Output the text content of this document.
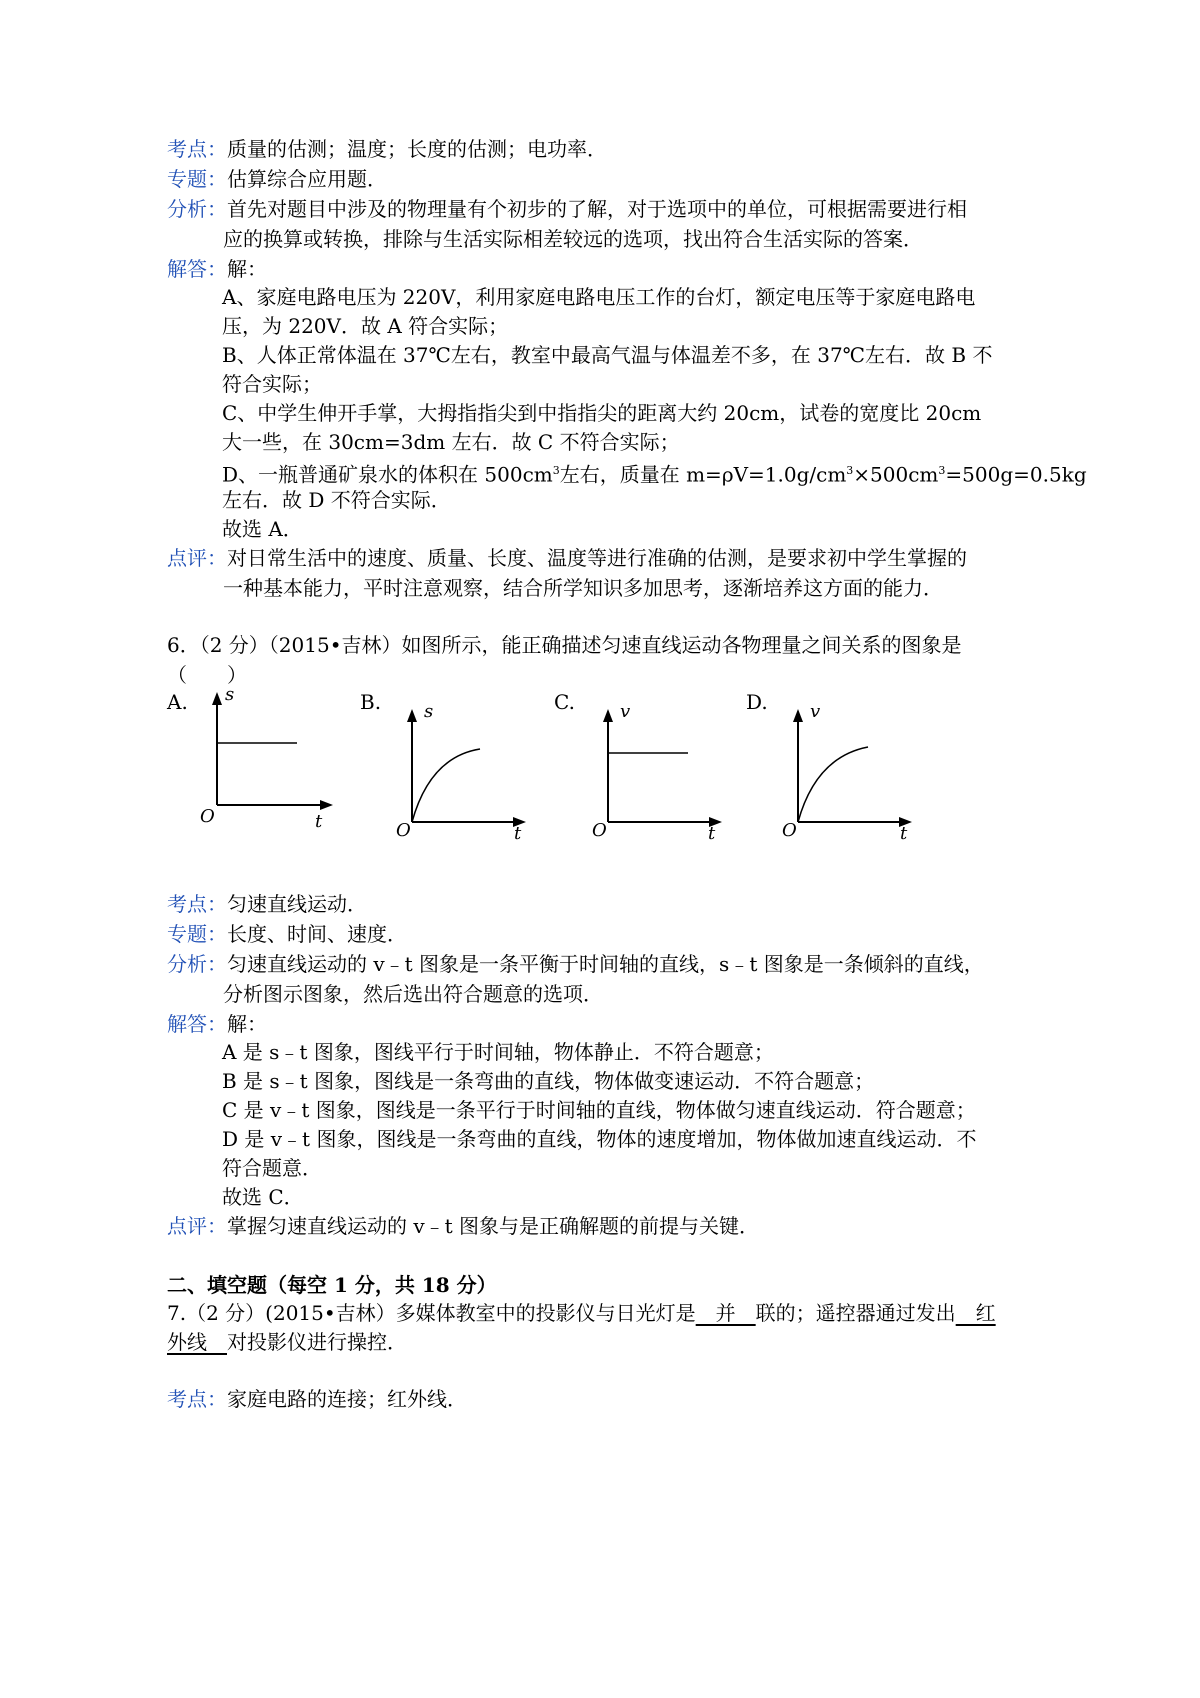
考点：质量的估测；温度；长度的估测；电功率．
专题：估算综合应用题．
分析：首先对题目中涉及的物理量有个初步的了解，对于选项中的单位，可根据需要进行相
应的换算或转换，排除与生活实际相差较远的选项，找出符合生活实际的答案．
解答：解：
A、家庭电路电压为 220V，利用家庭电路电压工作的台灯，额定电压等于家庭电路电
压，为 220V．故 A 符合实际；
B、人体正常体温在 37℃左右，教室中最高气温与体温差不多，在 37℃左右．故 B 不
符合实际；
C、中学生伸开手掌，大拇指指尖到中指指尖的距离大约 20cm，试卷的宽度比 20cm
大一些，在 30cm=3dm 左右．故 C 不符合实际；
D、一瓶普通矿泉水的体积在 $500cm^3$左右，质量在 $m=\rho V=1.0g/cm^3\times 500cm^3=500g=0.5kg$
左右．故 D 不符合实际．
故选 A．
点评：对日常生活中的速度、质量、长度、温度等进行准确的估测，是要求初中学生掌握的
一种基本能力，平时注意观察，结合所学知识多加思考，逐渐培养这方面的能力．
6．（2 分）（2015•吉林）如图所示，能正确描述匀速直线运动各物理量之间关系的图象是
（　　）
A. s
t
O
B. s
t
O
C.	v
t
O
D. v
t
O
考点：匀速直线运动．
专题：长度、时间、速度．
分析：匀速直线运动的 v﹣t 图象是一条平衡于时间轴的直线，s﹣t 图象是一条倾斜的直线，
分析图示图象，然后选出符合题意的选项．
解答：解：
A 是 s﹣t 图象，图线平行于时间轴，物体静止．不符合题意；
B 是 s﹣t 图象，图线是一条弯曲的直线，物体做变速运动．不符合题意；
C 是 v﹣t 图象，图线是一条平行于时间轴的直线，物体做匀速直线运动．符合题意；
D 是 v﹣t 图象，图线是一条弯曲的直线，物体的速度增加，物体做加速直线运动．不
符合题意．
故选 C．
点评：掌握匀速直线运动的 v﹣t 图象与是正确解题的前提与关键．
二、填空题（每空 1 分，共 18 分）
7.（2 分）(2015•吉林）多媒体教室中的投影仪与日光灯是　并　联的；遥控器通过发出　红
外线　对投影仪进行操控．
考点：家庭电路的连接；红外线．
